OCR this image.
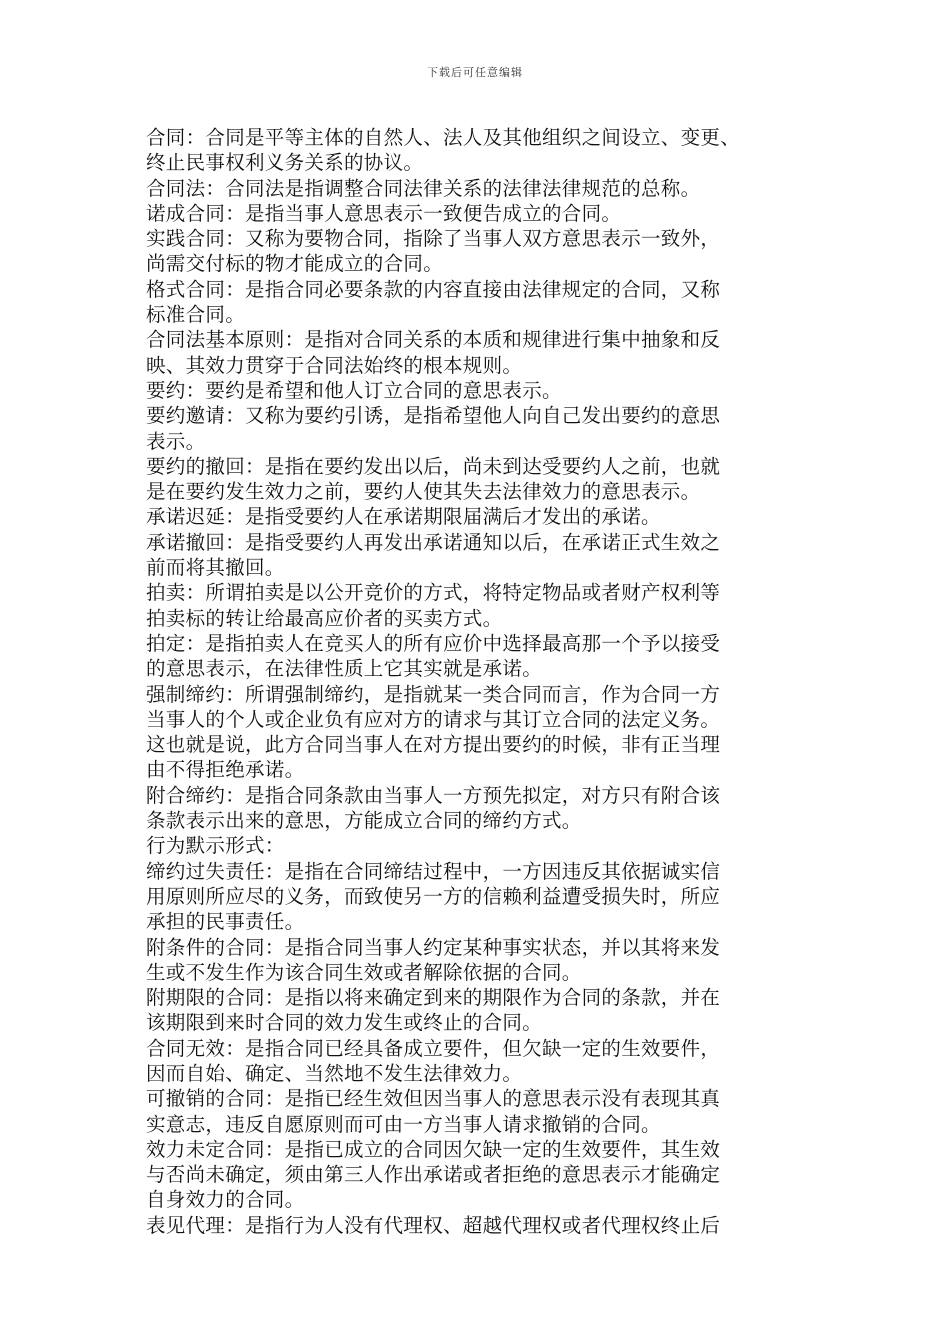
下载后可任意编辑

合同：合同是平等主体的自然人、法人及其他组织之间设立、变更、

终止民事权利义务关系的协议。

合同法：合同法是指调整合同法律关系的法律法律规范的总称。

诺成合同：是指当事人意思表示一致便告成立的合同。

实践合同：又称为要物合同，指除了当事人双方意思表示一致外，

尚需交付标的物才能成立的合同。

格式合同：是指合同必要条款的内容直接由法律规定的合同，又称

标准合同。

合同法基本原则：是指对合同关系的本质和规律进行集中抽象和反

映、其效力贯穿于合同法始终的根本规则。

要约：要约是希望和他人订立合同的意思表示。

要约邀请：又称为要约引诱，是指希望他人向自己发出要约的意思

表示。

要约的撤回：是指在要约发出以后，尚未到达受要约人之前，也就

是在要约发生效力之前，要约人使其失去法律效力的意思表示。

承诺迟延：是指受要约人在承诺期限届满后才发出的承诺。

承诺撤回：是指受要约人再发出承诺通知以后，在承诺正式生效之

前而将其撤回。

拍卖：所谓拍卖是以公开竞价的方式，将特定物品或者财产权利等

拍卖标的转让给最高应价者的买卖方式。

拍定：是指拍卖人在竞买人的所有应价中选择最高那一个予以接受

的意思表示，在法律性质上它其实就是承诺。

强制缔约：所谓强制缔约，是指就某一类合同而言，作为合同一方

当事人的个人或企业负有应对方的请求与其订立合同的法定义务。

这也就是说，此方合同当事人在对方提出要约的时候，非有正当理

由不得拒绝承诺。

附合缔约：是指合同条款由当事人一方预先拟定，对方只有附合该

条款表示出来的意思，方能成立合同的缔约方式。

行为默示形式：

缔约过失责任：是指在合同缔结过程中，一方因违反其依据诚实信

用原则所应尽的义务，而致使另一方的信赖利益遭受损失时，所应

承担的民事责任。

附条件的合同：是指合同当事人约定某种事实状态，并以其将来发

生或不发生作为该合同生效或者解除依据的合同。

附期限的合同：是指以将来确定到来的期限作为合同的条款，并在

该期限到来时合同的效力发生或终止的合同。

合同无效：是指合同已经具备成立要件，但欠缺一定的生效要件，

因而自始、确定、当然地不发生法律效力。

可撤销的合同：是指已经生效但因当事人的意思表示没有表现其真

实意志，违反自愿原则而可由一方当事人请求撤销的合同。

效力未定合同：是指已成立的合同因欠缺一定的生效要件，其生效

与否尚未确定，须由第三人作出承诺或者拒绝的意思表示才能确定

自身效力的合同。

表见代理：是指行为人没有代理权、超越代理权或者代理权终止后
